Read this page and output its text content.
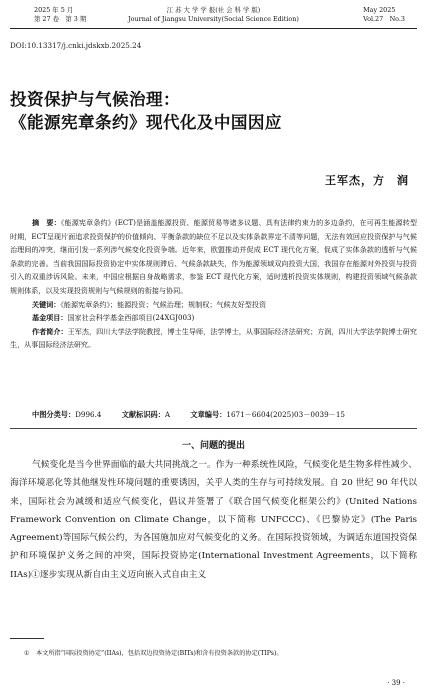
2025 年 5 月
第 27 卷　第 3 期
江 苏 大 学 学 报(社 会 科 学 版)
Journal of Jiangsu University(Social Science Edition)
May 2025
Vol.27　No.3
DOI:10.13317/j.cnki.jdskxb.2025.24
投资保护与气候治理：
《能源宪章条约》现代化及中国因应
王军杰，方　润
摘　要：《能源宪章条约》(ECT)是涵盖能源投资、能源贸易等诸多议题、具有法律约束力的多边条约，在可再生能源转型时期，ECT呈现片面追求投资保护的价值倾向、平衡条款的缺位不足以及实体条款界定不清等问题，无法有效回应投资保护与气候治理间的冲突，继而引发一系列涉气候变化投资争端。近年来，欧盟推动并促成 ECT 现代化方案，促成了实体条款的透析与气候条款的完善。当前我国国际投资协定中实体规则滞后、气候条款缺失，作为能源领域双向投资大国，我国存在能源对外投资与投资引入的双重涉诉风险。未来，中国应根据自身战略需求，参鉴 ECT 现代化方案，适时透析投资实体规则，构建投资领域气候条款规则体系，以及实现投资规则与气候规则的衔接与协同。
关键词：《能源宪章条约》；能源投资；气候治理；规制权；气候友好型投资
基金项目：国家社会科学基金西部项目(24XGJ003)
作者简介：王军杰，四川大学法学院教授，博士生导师，法学博士，从事国际经济法研究；方润，四川大学法学院博士研究生，从事国际经济法研究。
中图分类号：D996.4	文献标识码：A	文章编号：1671－6604(2025)03－0039－15
一、问题的提出
气候变化是当今世界面临的最大共同挑战之一。作为一种系统性风险，气候变化是生物多样性减少、海洋环境恶化等其他继发性环境问题的重要诱因，关乎人类的生存与可持续发展。自 20 世纪 90 年代以来，国际社会为减缓和适应气候变化，倡议并签署了《联合国气候变化框架公约》(United Nations Framework Convention on Climate Change，以下简称 UNFCCC)、《巴黎协定》(The Paris Agreement)等国际气候公约，为各国施加应对气候变化的义务。在国际投资领域，为调适东道国投资保护和环境保护义务之间的冲突，国际投资协定(International Investment Agreements，以下简称 IIAs)①逐步实现从新自由主义迈向嵌入式自由主义
① 本文所指“国际投资协定”(IIAs)，包括双边投资协定(BITs)和含有投资条款的协定(TIPs)。
· 39 ·
